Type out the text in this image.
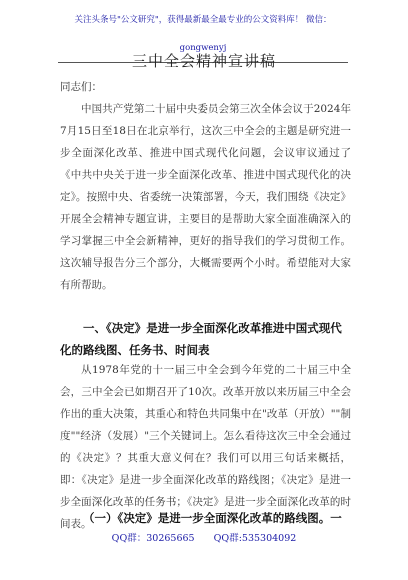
关注头条号"公文研究"，获得最新最全最专业的公文资料库！ 微信：gongwenyj
三中全会精神宣讲稿
同志们：
中国共产党第二十届中央委员会第三次全体会议于2024年7月15日至18日在北京举行，这次三中全会的主题是研究进一步全面深化改革、推进中国式现代化问题，会议审议通过了《中共中央关于进一步全面深化改革、推进中国式现代化的决定》。按照中央、省委统一决策部署，今天，我们围绕《决定》开展全会精神专题宣讲，主要目的是帮助大家全面准确深入的学习掌握三中全会新精神，更好的指导我们的学习贯彻工作。这次辅导报告分三个部分，大概需要两个小时。希望能对大家有所帮助。
一、《决定》是进一步全面深化改革推进中国式现代化的路线图、任务书、时间表
从1978年党的十一届三中全会到今年党的二十届三中全会，三中全会已如期召开了10次。改革开放以来历届三中全会作出的重大决策，其重心和特色共同集中在"改革（开放）""制度""经济（发展）"三个关键词上。怎么看待这次三中全会通过的《决定》？其重大意义何在？我们可以用三句话来概括，即：《决定》是进一步全面深化改革的路线图；《决定》是进一步全面深化改革的任务书；《决定》是进一步全面深化改革的时间表。
（一）《决定》是进一步全面深化改革的路线图。一
QQ群：30265665 QQ群:535304092
